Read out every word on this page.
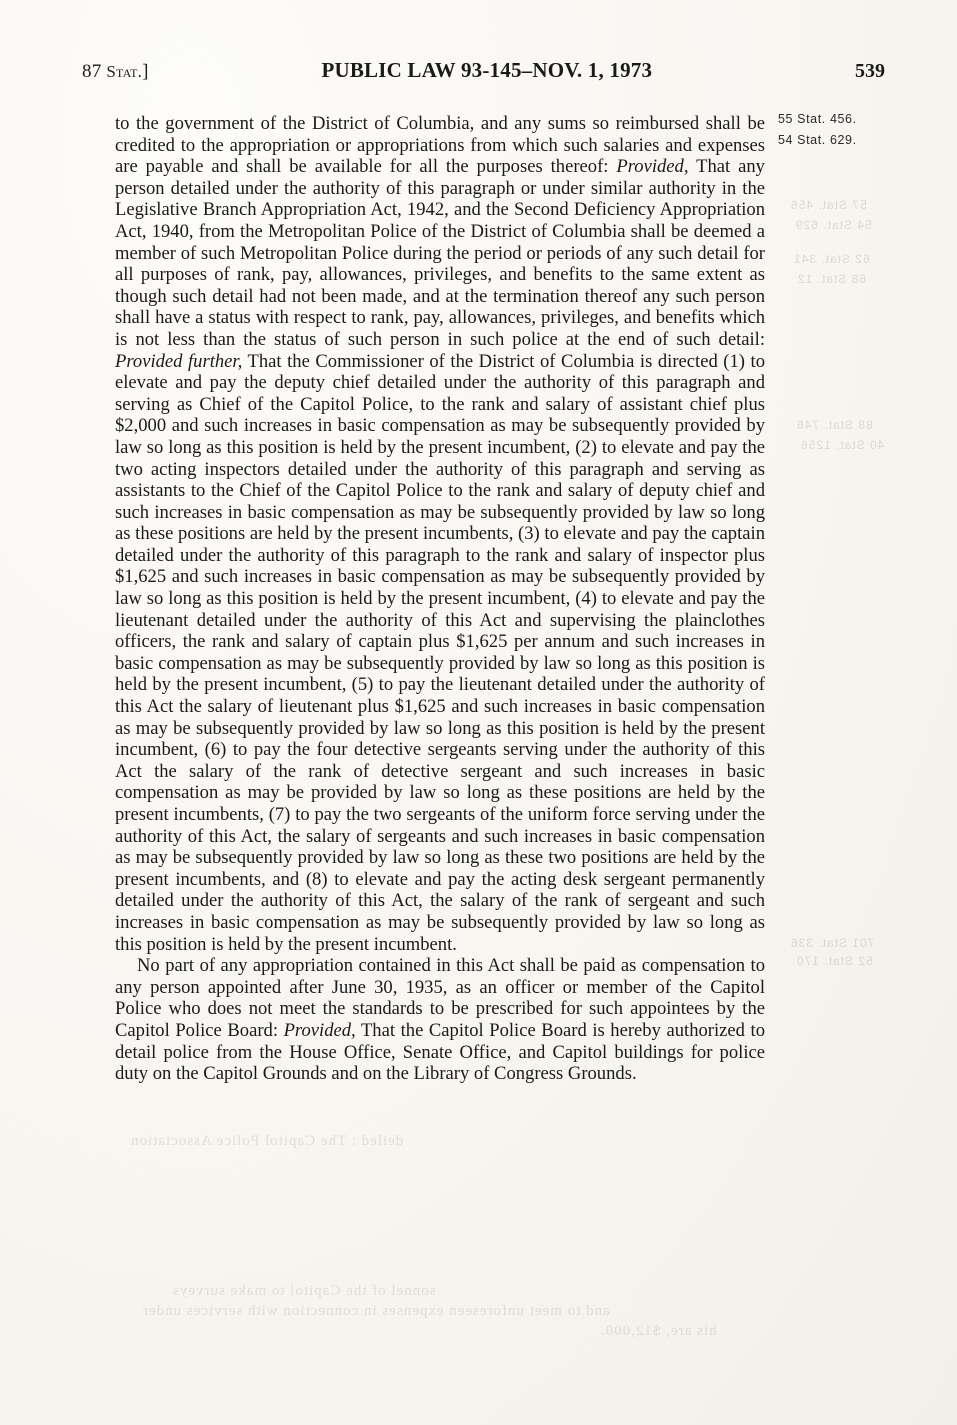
87 Stat.]	PUBLIC LAW 93-145–NOV. 1, 1973	539
55 Stat. 456.
54 Stat. 629.

to the government of the District of Columbia, and any sums so reimbursed shall be credited to the appropriation or appropriations from which such salaries and expenses are payable and shall be available for all the purposes thereof: Provided, That any person detailed under the authority of this paragraph or under similar authority in the Legislative Branch Appropriation Act, 1942, and the Second Deficiency Appropriation Act, 1940, from the Metropolitan Police of the District of Columbia shall be deemed a member of such Metropolitan Police during the period or periods of any such detail for all purposes of rank, pay, allowances, privileges, and benefits to the same extent as though such detail had not been made, and at the termination thereof any such person shall have a status with respect to rank, pay, allowances, privileges, and benefits which is not less than the status of such person in such police at the end of such detail: Provided further, That the Commissioner of the District of Columbia is directed (1) to elevate and pay the deputy chief detailed under the authority of this paragraph and serving as Chief of the Capitol Police, to the rank and salary of assistant chief plus $2,000 and such increases in basic compensation as may be subsequently provided by law so long as this position is held by the present incumbent, (2) to elevate and pay the two acting inspectors detailed under the authority of this paragraph and serving as assistants to the Chief of the Capitol Police to the rank and salary of deputy chief and such increases in basic compensation as may be subsequently provided by law so long as these positions are held by the present incumbents, (3) to elevate and pay the captain detailed under the authority of this paragraph to the rank and salary of inspector plus $1,625 and such increases in basic compensation as may be subsequently provided by law so long as this position is held by the present incumbent, (4) to elevate and pay the lieutenant detailed under the authority of this Act and supervising the plainclothes officers, the rank and salary of captain plus $1,625 per annum and such increases in basic compensation as may be subsequently provided by law so long as this position is held by the present incumbent, (5) to pay the lieutenant detailed under the authority of this Act the salary of lieutenant plus $1,625 and such increases in basic compensation as may be subsequently provided by law so long as this position is held by the present incumbent, (6) to pay the four detective sergeants serving under the authority of this Act the salary of the rank of detective sergeant and such increases in basic compensation as may be provided by law so long as these positions are held by the present incumbents, (7) to pay the two sergeants of the uniform force serving under the authority of this Act, the salary of sergeants and such increases in basic compensation as may be subsequently provided by law so long as these two positions are held by the present incumbents, and (8) to elevate and pay the acting desk sergeant permanently detailed under the authority of this Act, the salary of the rank of sergeant and such increases in basic compensation as may be subsequently provided by law so long as this position is held by the present incumbent.

No part of any appropriation contained in this Act shall be paid as compensation to any person appointed after June 30, 1935, as an officer or member of the Capitol Police who does not meet the standards to be prescribed for such appointees by the Capitol Police Board: Provided, That the Capitol Police Board is hereby authorized to detail police from the House Office, Senate Office, and Capitol buildings for police duty on the Capitol Grounds and on the Library of Congress Grounds.

57 Stat. 456
54 Stat. 629
62 Stat. 341
68 Stat. 12
88 Stat. 746
40 Stat. 1256
701 Stat. 336
52 Stat. 170
deiled : The Capitol Police Association
sonnel of the Capitol to make surveys
and to meet unforeseen expenses in connection with services under
his are, $12,000.
